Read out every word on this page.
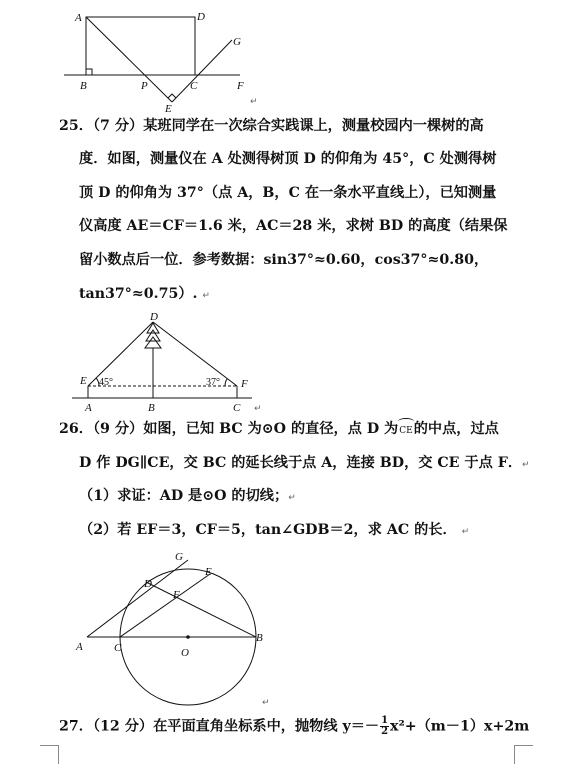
A	D
G
B	P	C	F
E
↵
25．（7 分）某班同学在一次综合实践课上，测量校园内一棵树的高
度．如图，测量仪在 A 处测得树顶 D 的仰角为 45°，C 处测得树
顶 D 的仰角为 37°（点 A，B，C 在一条水平直线上），已知测量
仪高度 AE＝CF＝1.6 米，AC＝28 米，求树 BD 的高度（结果保
留小数点后一位．参考数据：sin37°≈0.60，cos37°≈0.80，
tan37°≈0.75）. ↵
D
E	F
45°	37°
A	B	C ↵
26．（9 分）如图，已知 BC 为⊙O 的直径，点 D 为CE的中点，过点
D 作 DG∥CE，交 BC 的延长线于点 A，连接 BD，交 CE 于点 F．↵
（1）求证：AD 是⊙O 的切线；↵
（2）若 EF＝3，CF＝5，tan∠GDB＝2，求 AC 的长． ↵
G
D
E
F
A	C	O
B
↵
27．（12 分）在平面直角坐标系中，抛物线 $y=- \frac{1}{2} x^2+(m-1)x+2m$
